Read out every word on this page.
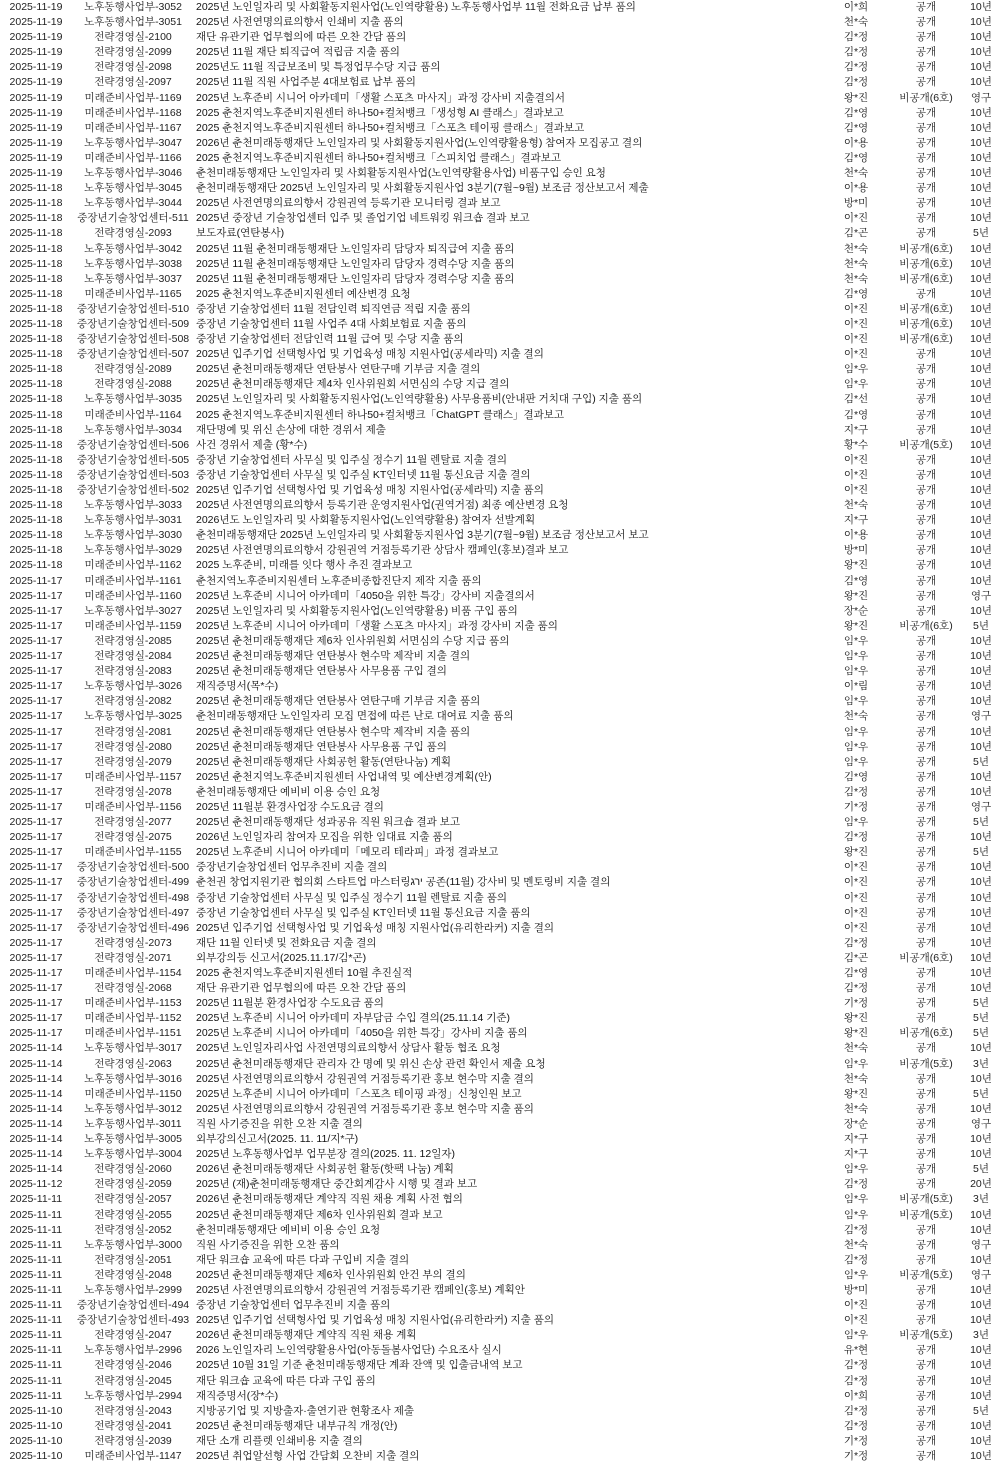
2025-11-19	노후동행사업부-3052	2025년 노인일자리 및 사회활동지원사업(노인역량활용) 노후동행사업부 11월 전화요금 납부 품의	이*희	공개	10년
2025-11-19	노후동행사업부-3051	2025년 사전연명의료의향서 인쇄비 지출 품의	천*숙	공개	10년
2025-11-19	전략경영실-2100	재단 유관기관 업무협의에 따른 오찬 간담 품의	김*정	공개	10년
2025-11-19	전략경영실-2099	2025년 11월 재단 퇴직급여 적립금 지출 품의	김*정	공개	10년
2025-11-19	전략경영실-2098	2025년도 11월 직급보조비 및 특정업무수당 지급 품의	김*정	공개	10년
2025-11-19	전략경영실-2097	2025년 11월 직원 사업주분 4대보험료 납부 품의	김*정	공개	10년
2025-11-19	미래준비사업부-1169	2025년 노후준비 시니어 아카데미「생활 스포츠 마사지」과정 강사비 지출결의서	왕*진	비공개(6호)	영구
2025-11-19	미래준비사업부-1168	2025 춘천지역노후준비지원센터 하나50+컬처뱅크「생성형 AI 클래스」결과보고	김*영	공개	10년
2025-11-19	미래준비사업부-1167	2025 춘천지역노후준비지원센터 하나50+컬처뱅크「스포츠 테이핑 클래스」결과보고	김*영	공개	10년
2025-11-19	노후동행사업부-3047	2026년 춘천미래동행재단 노인일자리 및 사회활동지원사업(노인역량활용형) 참여자 모집공고 결의	이*용	공개	10년
2025-11-19	미래준비사업부-1166	2025 춘천지역노후준비지원센터 하나50+컬처뱅크「스피치업 클래스」결과보고	김*영	공개	10년
2025-11-19	노후동행사업부-3046	춘천미래동행재단 노인일자리 및 사회활동지원사업(노인역량활용사업) 비품구입 승인 요청	천*숙	공개	10년
2025-11-18	노후동행사업부-3045	춘천미래동행재단 2025년 노인일자리 및 사회활동지원사업 3분기(7월~9월) 보조금 정산보고서 제출	이*용	공개	10년
2025-11-18	노후동행사업부-3044	2025년 사전연명의료의향서 강원권역 등록기관 모니터링 결과 보고	방*미	공개	10년
2025-11-18	중장년기술창업센터-511	2025년 중장년 기술창업센터 입주 및 졸업기업 네트워킹 워크숍 결과 보고	이*진	공개	10년
2025-11-18	전략경영실-2093	보도자료(연탄봉사)	김*곤	공개	5년
2025-11-18	노후동행사업부-3042	2025년 11월 춘천미래동행재단 노인일자리 담당자 퇴직급여 지출 품의	천*숙	비공개(6호)	10년
2025-11-18	노후동행사업부-3038	2025년 11월 춘천미래동행재단 노인일자리 담당자 경력수당 지출 품의	천*숙	비공개(6호)	10년
2025-11-18	노후동행사업부-3037	2025년 11월 춘천미래동행재단 노인일자리 담당자 경력수당 지출 품의	천*숙	비공개(6호)	10년
2025-11-18	미래준비사업부-1165	2025 춘천지역노후준비지원센터 예산변경 요청	김*영	공개	10년
2025-11-18	중장년기술창업센터-510	중장년 기술창업센터 11월 전담인력 퇴직연금 적립 지출 품의	이*진	비공개(6호)	10년
2025-11-18	중장년기술창업센터-509	중장년 기술창업센터 11월 사업주 4대 사회보험료 지출 품의	이*진	비공개(6호)	10년
2025-11-18	중장년기술창업센터-508	중장년 기술창업센터 전담인력 11월 급여 및 수당 지출 품의	이*진	비공개(6호)	10년
2025-11-18	중장년기술창업센터-507	2025년 입주기업 선택형사업 및 기업육성 매칭 지원사업(공세라믹) 지출 결의	이*진	공개	10년
2025-11-18	전략경영실-2089	2025년 춘천미래동행재단 연탄봉사 연탄구매 기부금 지출 결의	임*우	공개	10년
2025-11-18	전략경영실-2088	2025년 춘천미래동행재단 제4차 인사위원회 서면심의 수당 지급 결의	임*우	공개	10년
2025-11-18	노후동행사업부-3035	2025년 노인일자리 및 사회활동지원사업(노인역량활용) 사무용품비(안내판 거치대 구입) 지출 품의	김*선	공개	10년
2025-11-18	미래준비사업부-1164	2025 춘천지역노후준비지원센터 하나50+컬처뱅크「ChatGPT 클래스」결과보고	김*영	공개	10년
2025-11-18	노후동행사업부-3034	재단명예 및 위신 손상에 대한 경위서 제출	지*구	공개	10년
2025-11-18	중장년기술창업센터-506	사건 경위서 제출 (황*수)	황*수	비공개(5호)	10년
2025-11-18	중장년기술창업센터-505	중장년 기술창업센터 사무실 및 입주실 정수기 11월 렌탈료 지출 결의	이*진	공개	10년
2025-11-18	중장년기술창업센터-503	중장년 기술창업센터 사무실 및 입주실 KT인터넷 11월 통신요금 지출 결의	이*진	공개	10년
2025-11-18	중장년기술창업센터-502	2025년 입주기업 선택형사업 및 기업육성 매칭 지원사업(공세라믹) 지출 품의	이*진	공개	10년
2025-11-18	노후동행사업부-3033	2025년 사전연명의료의향서 등록기관 운영지원사업(권역거점) 최종 예산변경 요청	천*숙	공개	10년
2025-11-18	노후동행사업부-3031	2026년도 노인일자리 및 사회활동지원사업(노인역량활용) 참여자 선발계획	지*구	공개	10년
2025-11-18	노후동행사업부-3030	춘천미래동행재단 2025년 노인일자리 및 사회활동지원사업 3분기(7월~9월) 보조금 정산보고서 보고	이*용	공개	10년
2025-11-18	노후동행사업부-3029	2025년 사전연명의료의향서 강원권역 거점등록기관 상담사 캠페인(홍보)결과 보고	방*미	공개	10년
2025-11-18	미래준비사업부-1162	2025 노후준비, 미래를 잇다 행사 추진 결과보고	왕*진	공개	10년
2025-11-17	미래준비사업부-1161	춘천지역노후준비지원센터 노후준비종합진단지 제작 지출 품의	김*영	공개	10년
2025-11-17	미래준비사업부-1160	2025년 노후준비 시니어 아카데미「4050을 위한 특강」강사비 지출결의서	왕*진	공개	영구
2025-11-17	노후동행사업부-3027	2025년 노인일자리 및 사회활동지원사업(노인역량활용) 비품 구입 품의	장*순	공개	10년
2025-11-17	미래준비사업부-1159	2025년 노후준비 시니어 아카데미「생활 스포츠 마사지」과정 강사비 지출 품의	왕*진	비공개(6호)	5년
2025-11-17	전략경영실-2085	2025년 춘천미래동행재단 제6차 인사위원회 서면심의 수당 지급 품의	임*우	공개	10년
2025-11-17	전략경영실-2084	2025년 춘천미래동행재단 연탄봉사 현수막 제작비 지출 결의	임*우	공개	10년
2025-11-17	전략경영실-2083	2025년 춘천미래동행재단 연탄봉사 사무용품 구입 결의	임*우	공개	10년
2025-11-17	노후동행사업부-3026	재직증명서(목*수)	이*림	공개	10년
2025-11-17	전략경영실-2082	2025년 춘천미래동행재단 연탄봉사 연탄구매 기부금 지출 품의	임*우	공개	10년
2025-11-17	노후동행사업부-3025	춘천미래동행재단 노인일자리 모집 면접에 따른 난로 대여료 지출 품의	천*숙	공개	영구
2025-11-17	전략경영실-2081	2025년 춘천미래동행재단 연탄봉사 현수막 제작비 지출 품의	임*우	공개	10년
2025-11-17	전략경영실-2080	2025년 춘천미래동행재단 연탄봉사 사무용품 구입 품의	임*우	공개	10년
2025-11-17	전략경영실-2079	2025년 춘천미래동행재단 사회공헌 활동(연탄나눔) 계획	임*우	공개	5년
2025-11-17	미래준비사업부-1157	2025년 춘천지역노후준비지원센터 사업내역 및 예산변경계획(안)	김*영	공개	10년
2025-11-17	전략경영실-2078	춘천미래동행재단 예비비 이용 승인 요청	김*정	공개	10년
2025-11-17	미래준비사업부-1156	2025년 11월분 환경사업장 수도요금 결의	기*정	공개	영구
2025-11-17	전략경영실-2077	2025년 춘천미래동행재단 성과공유 직원 워크숍 결과 보고	임*우	공개	5년
2025-11-17	전략경영실-2075	2026년 노인일자리 참여자 모집을 위한 임대료 지출 품의	김*정	공개	10년
2025-11-17	미래준비사업부-1155	2025년 노후준비 시니어 아카데미「메모리 테라피」과정 결과보고	왕*진	공개	5년
2025-11-17	중장년기술창업센터-500	중장년기술창업센터 업무추진비 지출 결의	이*진	공개	10년
2025-11-17	중장년기술창업센터-499	춘천권 창업지원기관 협의회 스타트업 마스터링ירג 공존(11월) 강사비 및 멘토링비 지출 결의	이*진	공개	10년
2025-11-17	중장년기술창업센터-498	중장년 기술창업센터 사무실 및 입주실 정수기 11월 렌탈료 지출 품의	이*진	공개	10년
2025-11-17	중장년기술창업센터-497	중장년 기술창업센터 사무실 및 입주실 KT인터넷 11월 통신요금 지출 품의	이*진	공개	10년
2025-11-17	중장년기술창업센터-496	2025년 입주기업 선택형사업 및 기업육성 매칭 지원사업(유리한라커) 지출 결의	이*진	공개	10년
2025-11-17	전략경영실-2073	재단 11월 인터넷 및 전화요금 지출 결의	김*정	공개	10년
2025-11-17	전략경영실-2071	외부강의등 신고서(2025.11.17/김*곤)	김*곤	비공개(6호)	10년
2025-11-17	미래준비사업부-1154	2025 춘천지역노후준비지원센터 10월 추진실적	김*영	공개	10년
2025-11-17	전략경영실-2068	재단 유관기관 업무협의에 따른 오찬 간담 품의	김*정	공개	10년
2025-11-17	미래준비사업부-1153	2025년 11월분 환경사업장 수도요금 품의	기*정	공개	5년
2025-11-17	미래준비사업부-1152	2025년 노후준비 시니어 아카데미 자부담금 수입 결의(25.11.14 기준)	왕*진	공개	5년
2025-11-17	미래준비사업부-1151	2025년 노후준비 시니어 아카데미「4050을 위한 특강」강사비 지출 품의	왕*진	비공개(6호)	5년
2025-11-14	노후동행사업부-3017	2025년 노인일자리사업 사전연명의료의향서 상담사 활동 협조 요청	천*숙	공개	10년
2025-11-14	전략경영실-2063	2025년 춘천미래동행재단 관리자 간 명예 및 위신 손상 관련 확인서 제출 요청	임*우	비공개(5호)	3년
2025-11-14	노후동행사업부-3016	2025년 사전연명의료의향서 강원권역 거점등록기관 홍보 현수막 지출 결의	천*숙	공개	10년
2025-11-14	미래준비사업부-1150	2025년 노후준비 시니어 아카데미「스포츠 테이핑 과정」신청인원 보고	왕*진	공개	5년
2025-11-14	노후동행사업부-3012	2025년 사전연명의료의향서 강원권역 거점등록기관 홍보 현수막 지출 품의	천*숙	공개	10년
2025-11-14	노후동행사업부-3011	직원 사기증진을 위한 오찬 지출 결의	장*순	공개	영구
2025-11-14	노후동행사업부-3005	외부강의신고서(2025. 11. 11/지*구)	지*구	공개	10년
2025-11-14	노후동행사업부-3004	2025년 노후동행사업부 업무분장 결의(2025. 11. 12일자)	지*구	공개	10년
2025-11-14	전략경영실-2060	2026년 춘천미래동행재단 사회공헌 활동(핫팩 나눔) 계획	임*우	공개	5년
2025-11-12	전략경영실-2059	2025년 (재)춘천미래동행재단 중간회계감사 시행 및 결과 보고	김*정	공개	20년
2025-11-11	전략경영실-2057	2026년 춘천미래동행재단 계약직 직원 채용 계획 사전 협의	임*우	비공개(5호)	3년
2025-11-11	전략경영실-2055	2025년 춘천미래동행재단 제6차 인사위원회 결과 보고	임*우	비공개(5호)	10년
2025-11-11	전략경영실-2052	춘천미래동행재단 예비비 이용 승인 요청	김*정	공개	10년
2025-11-11	노후동행사업부-3000	직원 사기증진을 위한 오찬 품의	천*숙	공개	영구
2025-11-11	전략경영실-2051	재단 워크숍 교육에 따른 다과 구입비 지출 결의	김*정	공개	10년
2025-11-11	전략경영실-2048	2025년 춘천미래동행재단 제6차 인사위원회 안건 부의 결의	임*우	비공개(5호)	영구
2025-11-11	노후동행사업부-2999	2025년 사전연명의료의향서 강원권역 거점등록기관 캠페인(홍보) 계획안	방*미	공개	10년
2025-11-11	중장년기술창업센터-494	중장년 기술창업센터 업무추진비 지출 품의	이*진	공개	10년
2025-11-11	중장년기술창업센터-493	2025년 입주기업 선택형사업 및 기업육성 매칭 지원사업(유리한라커) 지출 품의	이*진	공개	10년
2025-11-11	전략경영실-2047	2026년 춘천미래동행재단 계약직 직원 채용 계획	임*우	비공개(5호)	3년
2025-11-11	노후동행사업부-2996	2026 노인일자리 노인역량활용사업(아동돌봄사업단) 수요조사 실시	유*현	공개	10년
2025-11-11	전략경영실-2046	2025년 10월 31일 기준 춘천미래동행재단 계좌 잔액 및 입출금내역 보고	김*정	공개	10년
2025-11-11	전략경영실-2045	재단 워크숍 교육에 따른 다과 구입 품의	김*정	공개	10년
2025-11-11	노후동행사업부-2994	재직증명서(장*수)	이*희	공개	10년
2025-11-10	전략경영실-2043	지방공기업 및 지방출자·출연기관 현황조사 제출	김*정	공개	5년
2025-11-10	전략경영실-2041	2025년 춘천미래동행재단 내부규칙 개정(안)	김*정	공개	10년
2025-11-10	전략경영실-2039	재단 소개 리플렛 인쇄비용 지출 결의	기*정	공개	10년
2025-11-10	미래준비사업부-1147	2025년 취업알선형 사업 간담회 오찬비 지출 결의	기*정	공개	10년
